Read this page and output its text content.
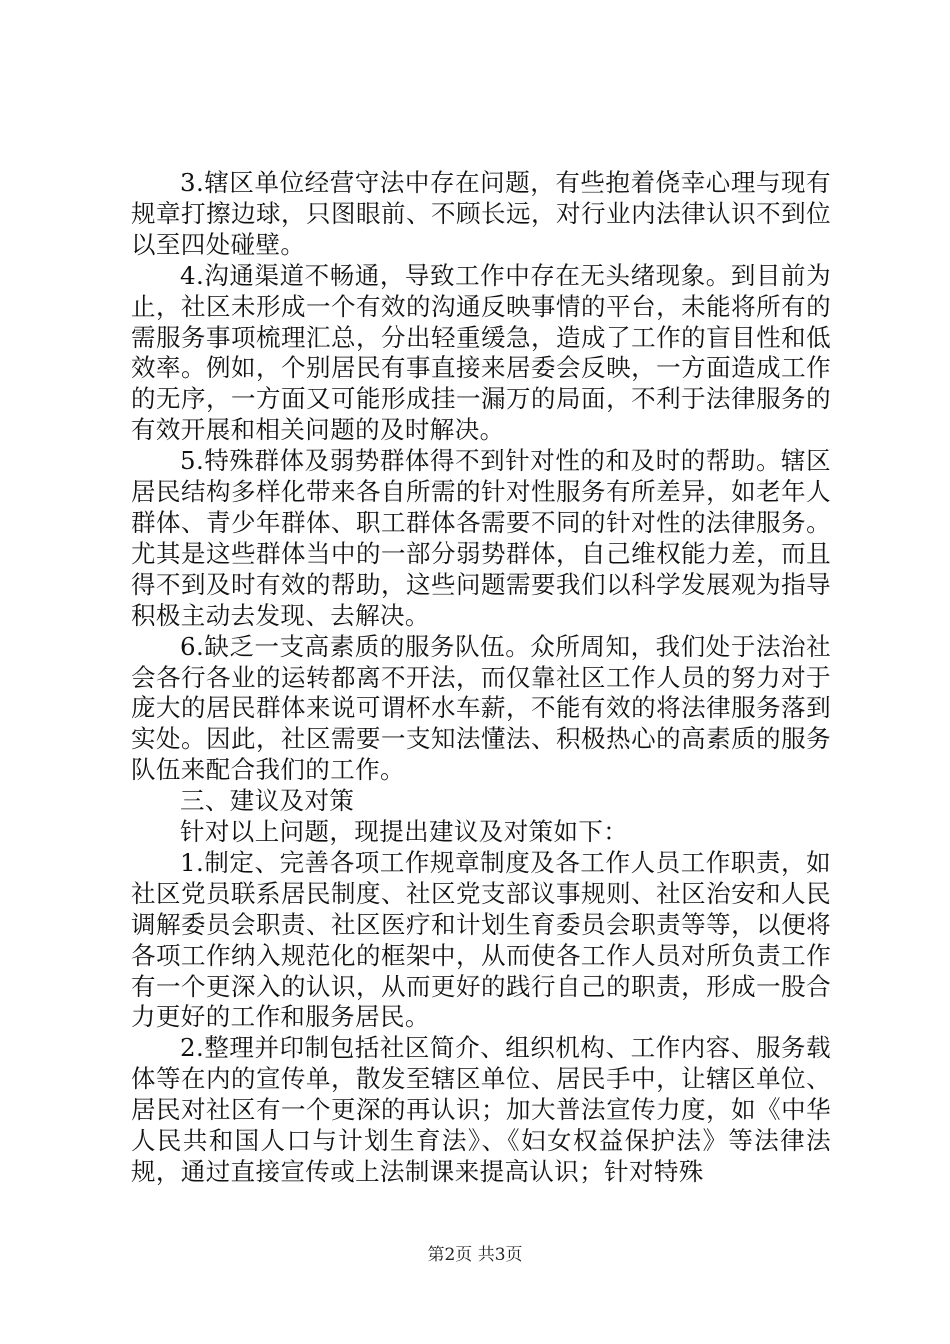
3.辖区单位经营守法中存在问题，有些抱着侥幸心理与现有规章打擦边球，只图眼前、不顾长远，对行业内法律认识不到位以至四处碰壁。

4.沟通渠道不畅通，导致工作中存在无头绪现象。到目前为止，社区未形成一个有效的沟通反映事情的平台，未能将所有的需服务事项梳理汇总，分出轻重缓急，造成了工作的盲目性和低效率。例如，个别居民有事直接来居委会反映，一方面造成工作的无序，一方面又可能形成挂一漏万的局面，不利于法律服务的有效开展和相关问题的及时解决。

5.特殊群体及弱势群体得不到针对性的和及时的帮助。辖区居民结构多样化带来各自所需的针对性服务有所差异，如老年人群体、青少年群体、职工群体各需要不同的针对性的法律服务。尤其是这些群体当中的一部分弱势群体，自己维权能力差，而且得不到及时有效的帮助，这些问题需要我们以科学发展观为指导积极主动去发现、去解决。

6.缺乏一支高素质的服务队伍。众所周知，我们处于法治社会各行各业的运转都离不开法，而仅靠社区工作人员的努力对于庞大的居民群体来说可谓杯水车薪，不能有效的将法律服务落到实处。因此，社区需要一支知法懂法、积极热心的高素质的服务队伍来配合我们的工作。

三、建议及对策

针对以上问题，现提出建议及对策如下：

1.制定、完善各项工作规章制度及各工作人员工作职责，如社区党员联系居民制度、社区党支部议事规则、社区治安和人民调解委员会职责、社区医疗和计划生育委员会职责等等，以便将各项工作纳入规范化的框架中，从而使各工作人员对所负责工作有一个更深入的认识，从而更好的践行自己的职责，形成一股合力更好的工作和服务居民。

2.整理并印制包括社区简介、组织机构、工作内容、服务载体等在内的宣传单，散发至辖区单位、居民手中，让辖区单位、居民对社区有一个更深的再认识；加大普法宣传力度，如《中华人民共和国人口与计划生育法》、《妇女权益保护法》等法律法规，通过直接宣传或上法制课来提高认识；针对特殊

第2页 共3页
